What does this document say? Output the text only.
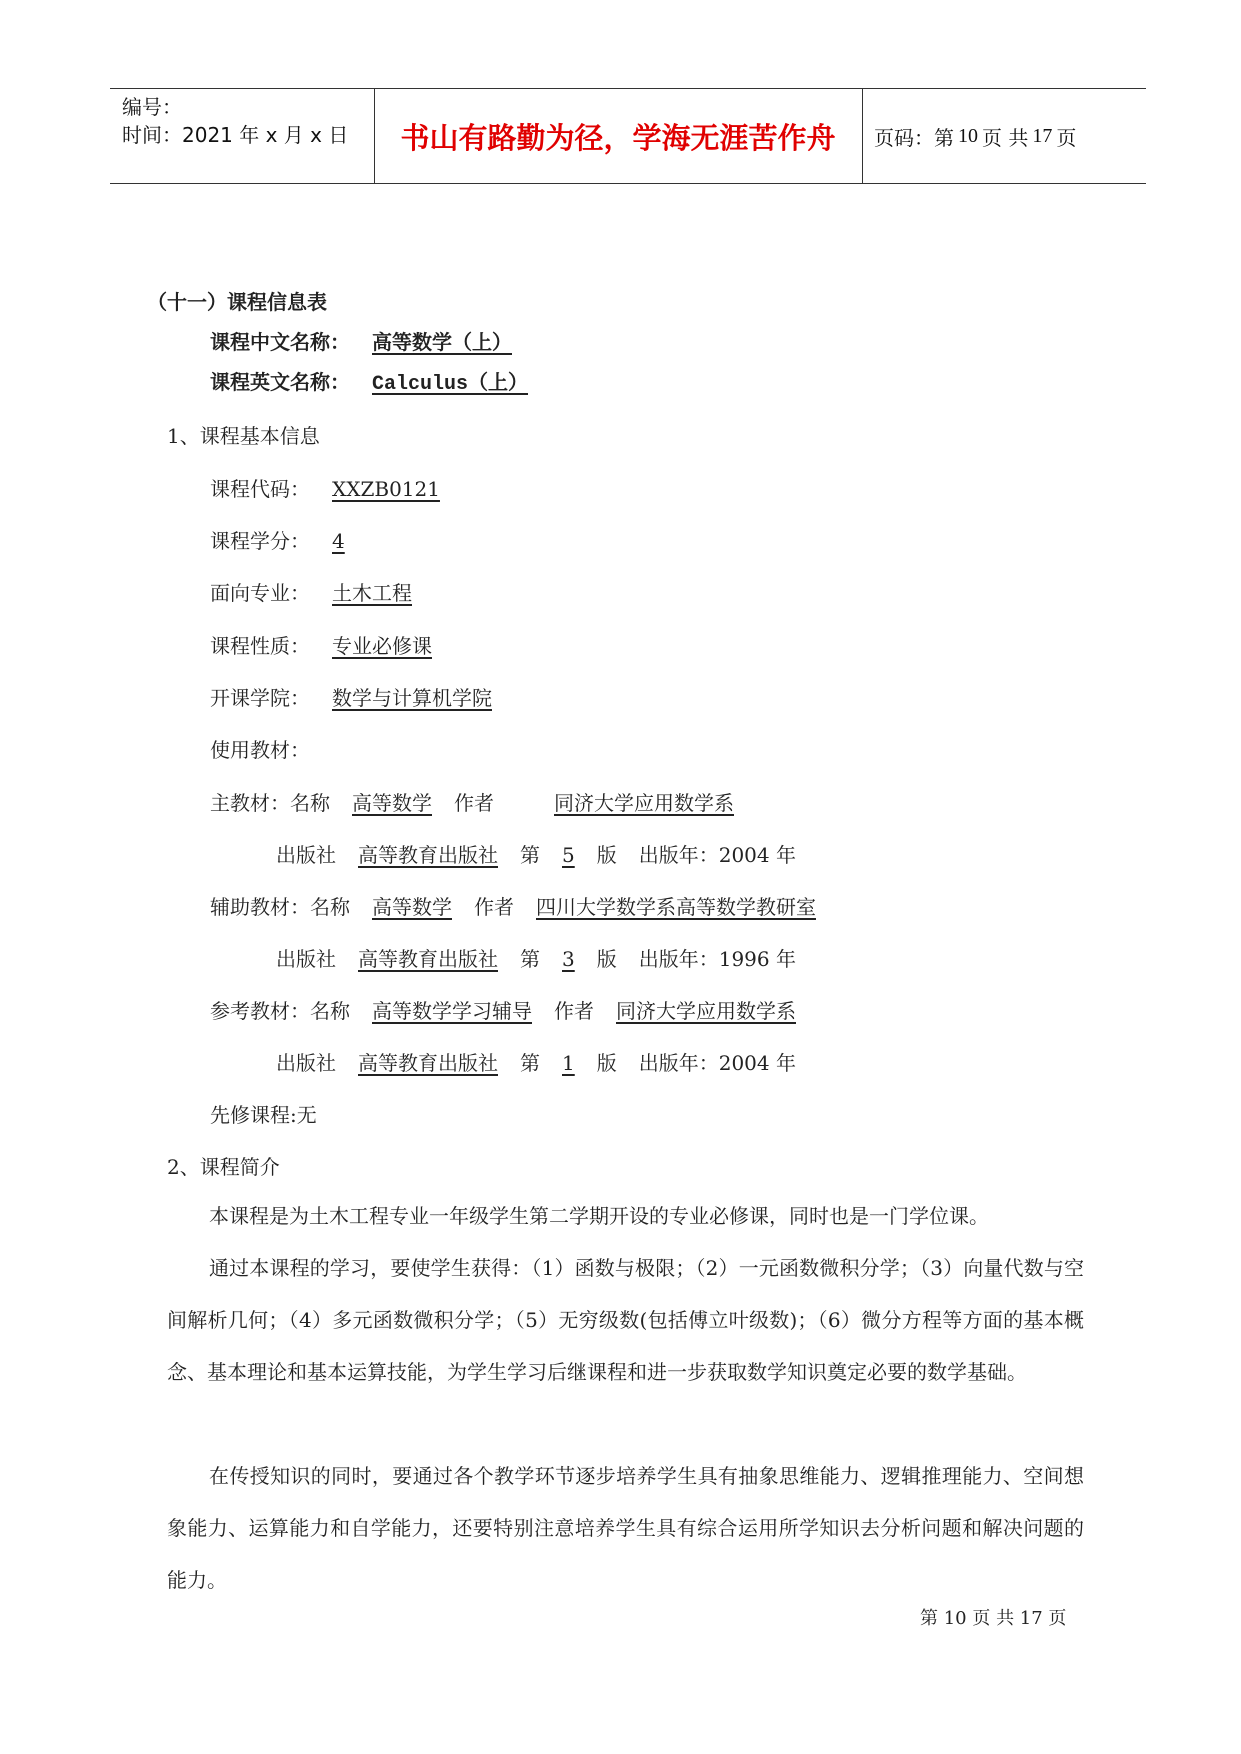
编号：
时间：2021 年 x 月 x 日	书山有路勤为径，学海无涯苦作舟	页码：第 10 页 共 17 页
（十一）课程信息表
课程中文名称： 高等数学（上）
课程英文名称： Calculus（上）
1、课程基本信息
课程代码： XXZB0121
课程学分： 4
面向专业： 土木工程
课程性质： 专业必修课
开课学院： 数学与计算机学院
使用教材：
主教材：名称 高等数学 作者	同济大学应用数学系
出版社 高等教育出版社 第 5 版 出版年：2004 年
辅助教材：名称 高等数学 作者 四川大学数学系高等数学教研室
出版社 高等教育出版社 第 3 版 出版年：1996 年
参考教材：名称 高等数学学习辅导 作者 同济大学应用数学系
出版社 高等教育出版社 第 1 版 出版年：2004 年
先修课程:无
2、课程简介
本课程是为土木工程专业一年级学生第二学期开设的专业必修课，同时也是一门学位课。
通过本课程的学习，要使学生获得：（1）函数与极限；（2）一元函数微积分学；（3）向量代数与空间解析几何；（4）多元函数微积分学；（5）无穷级数(包括傅立叶级数)；（6）微分方程等方面的基本概念、基本理论和基本运算技能，为学生学习后继课程和进一步获取数学知识奠定必要的数学基础。
在传授知识的同时，要通过各个教学环节逐步培养学生具有抽象思维能力、逻辑推理能力、空间想象能力、运算能力和自学能力，还要特别注意培养学生具有综合运用所学知识去分析问题和解决问题的能力。
第 10 页 共 17 页
